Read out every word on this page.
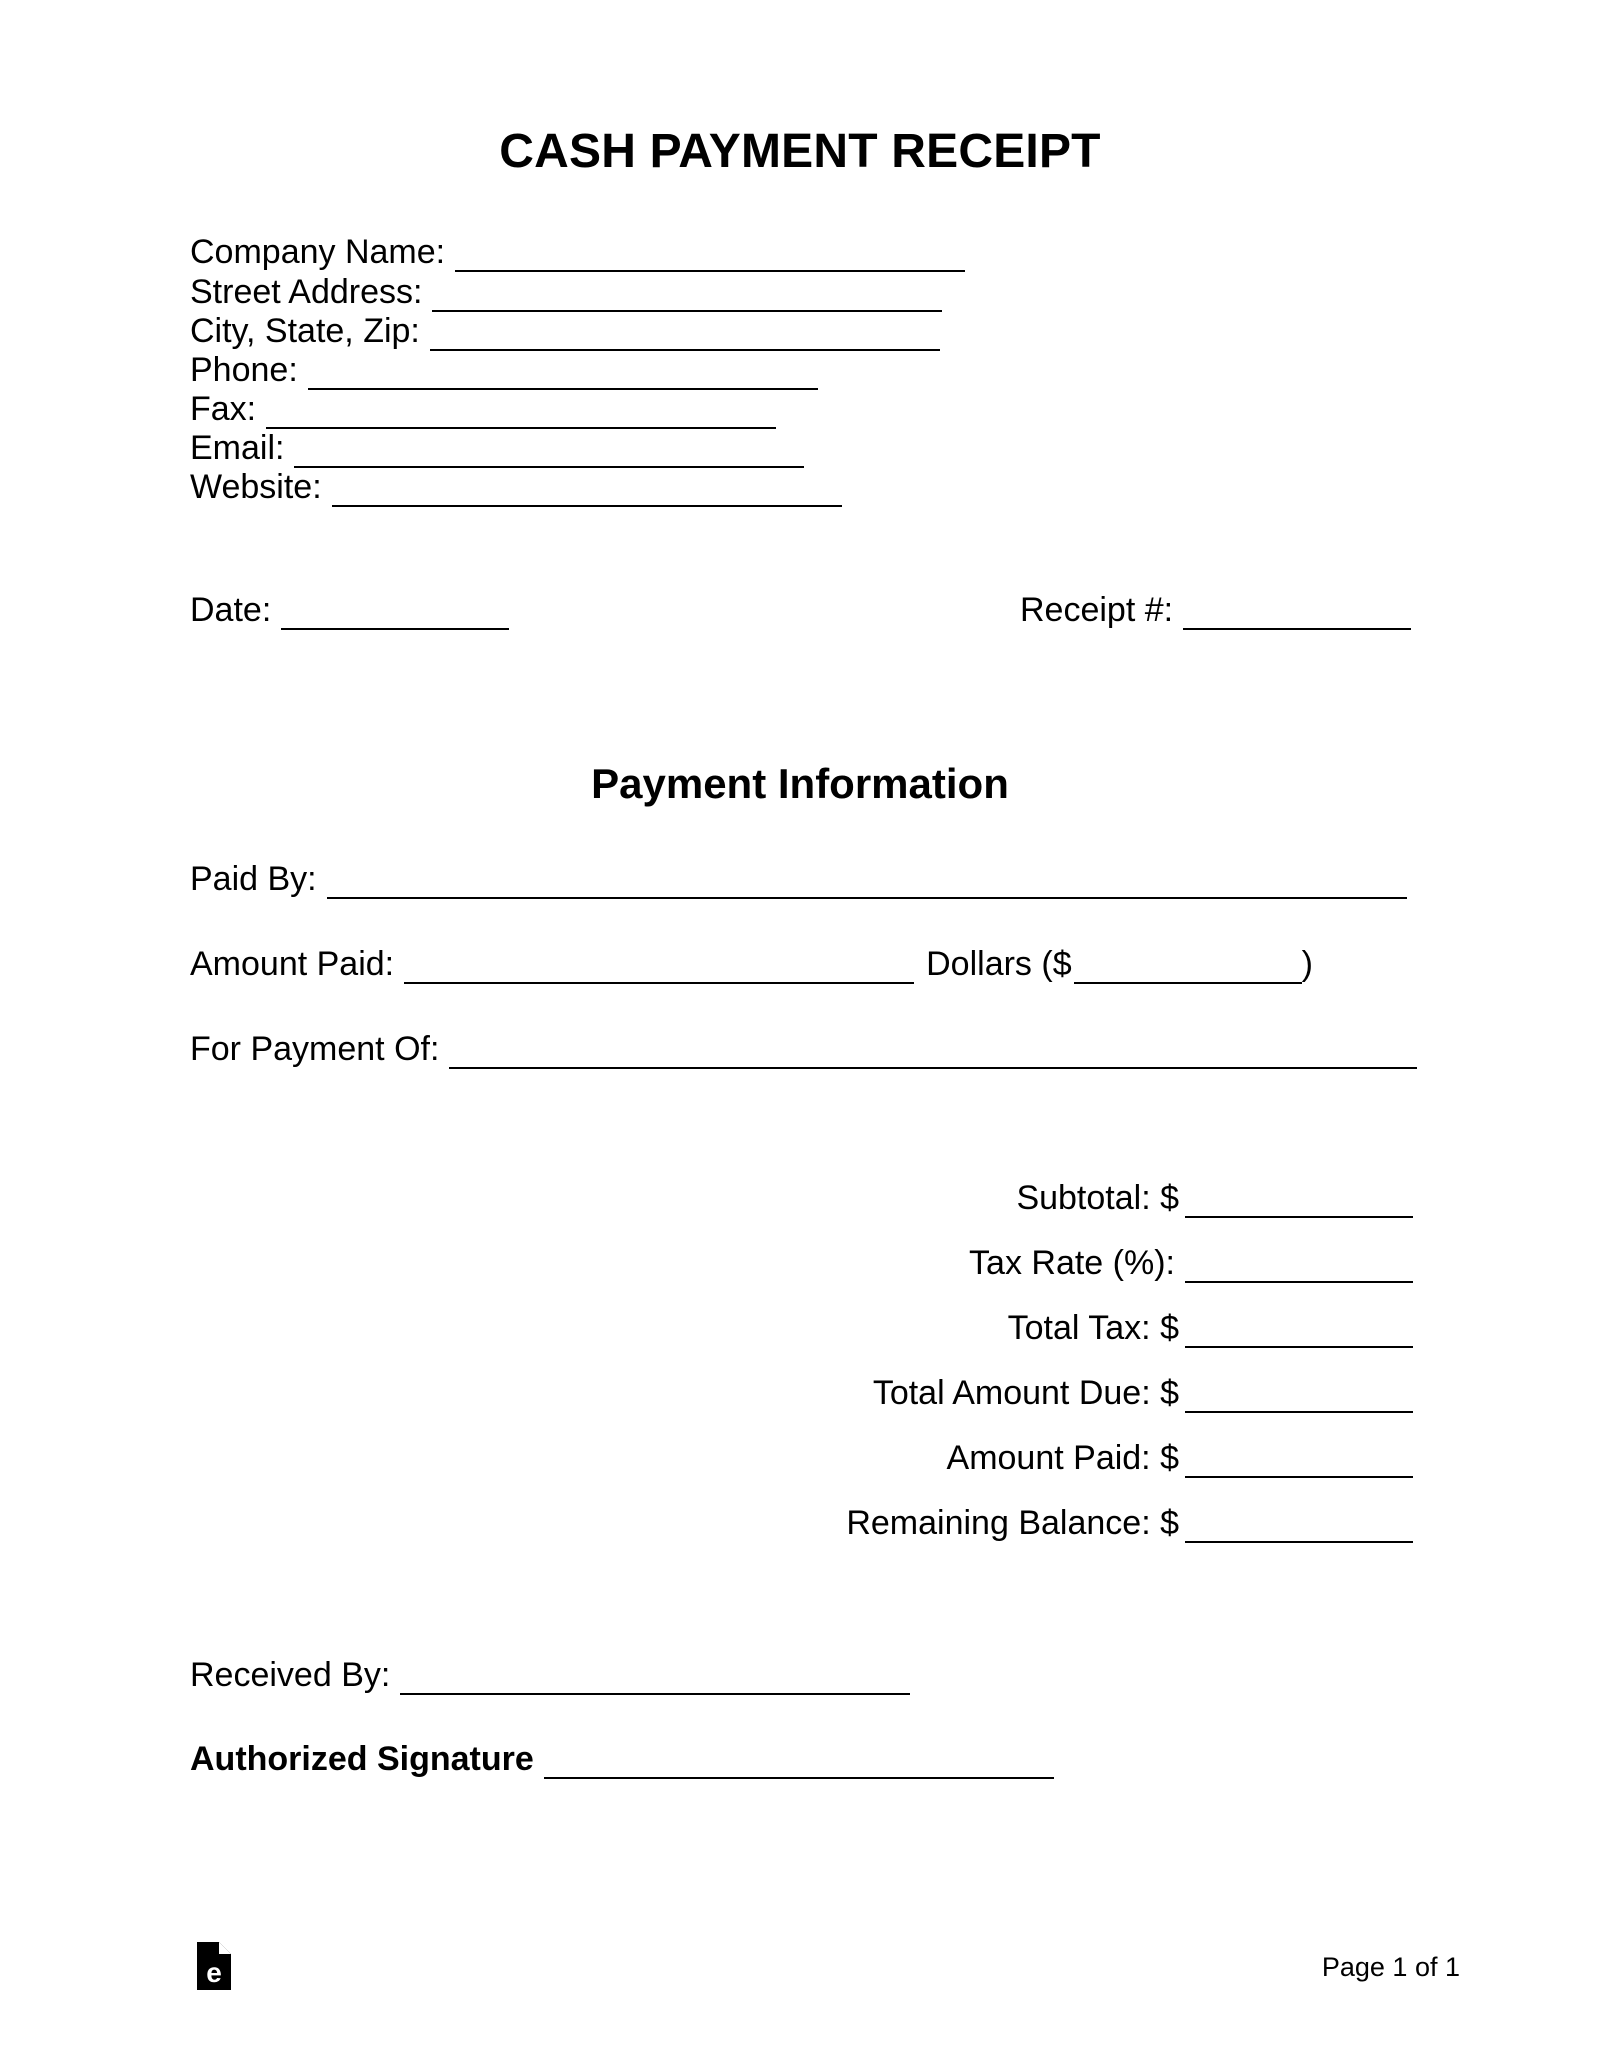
CASH PAYMENT RECEIPT
Company Name:
Street Address:
City, State, Zip:
Phone:
Fax:
Email:
Website:
Date:	Receipt #:
Payment Information
Paid By:
Amount Paid:	Dollars ($	)
For Payment Of:
Subtotal: $
Tax Rate (%):
Total Tax: $
Total Amount Due: $
Amount Paid: $
Remaining Balance: $
Received By:
Authorized Signature
e	Page 1 of 1
